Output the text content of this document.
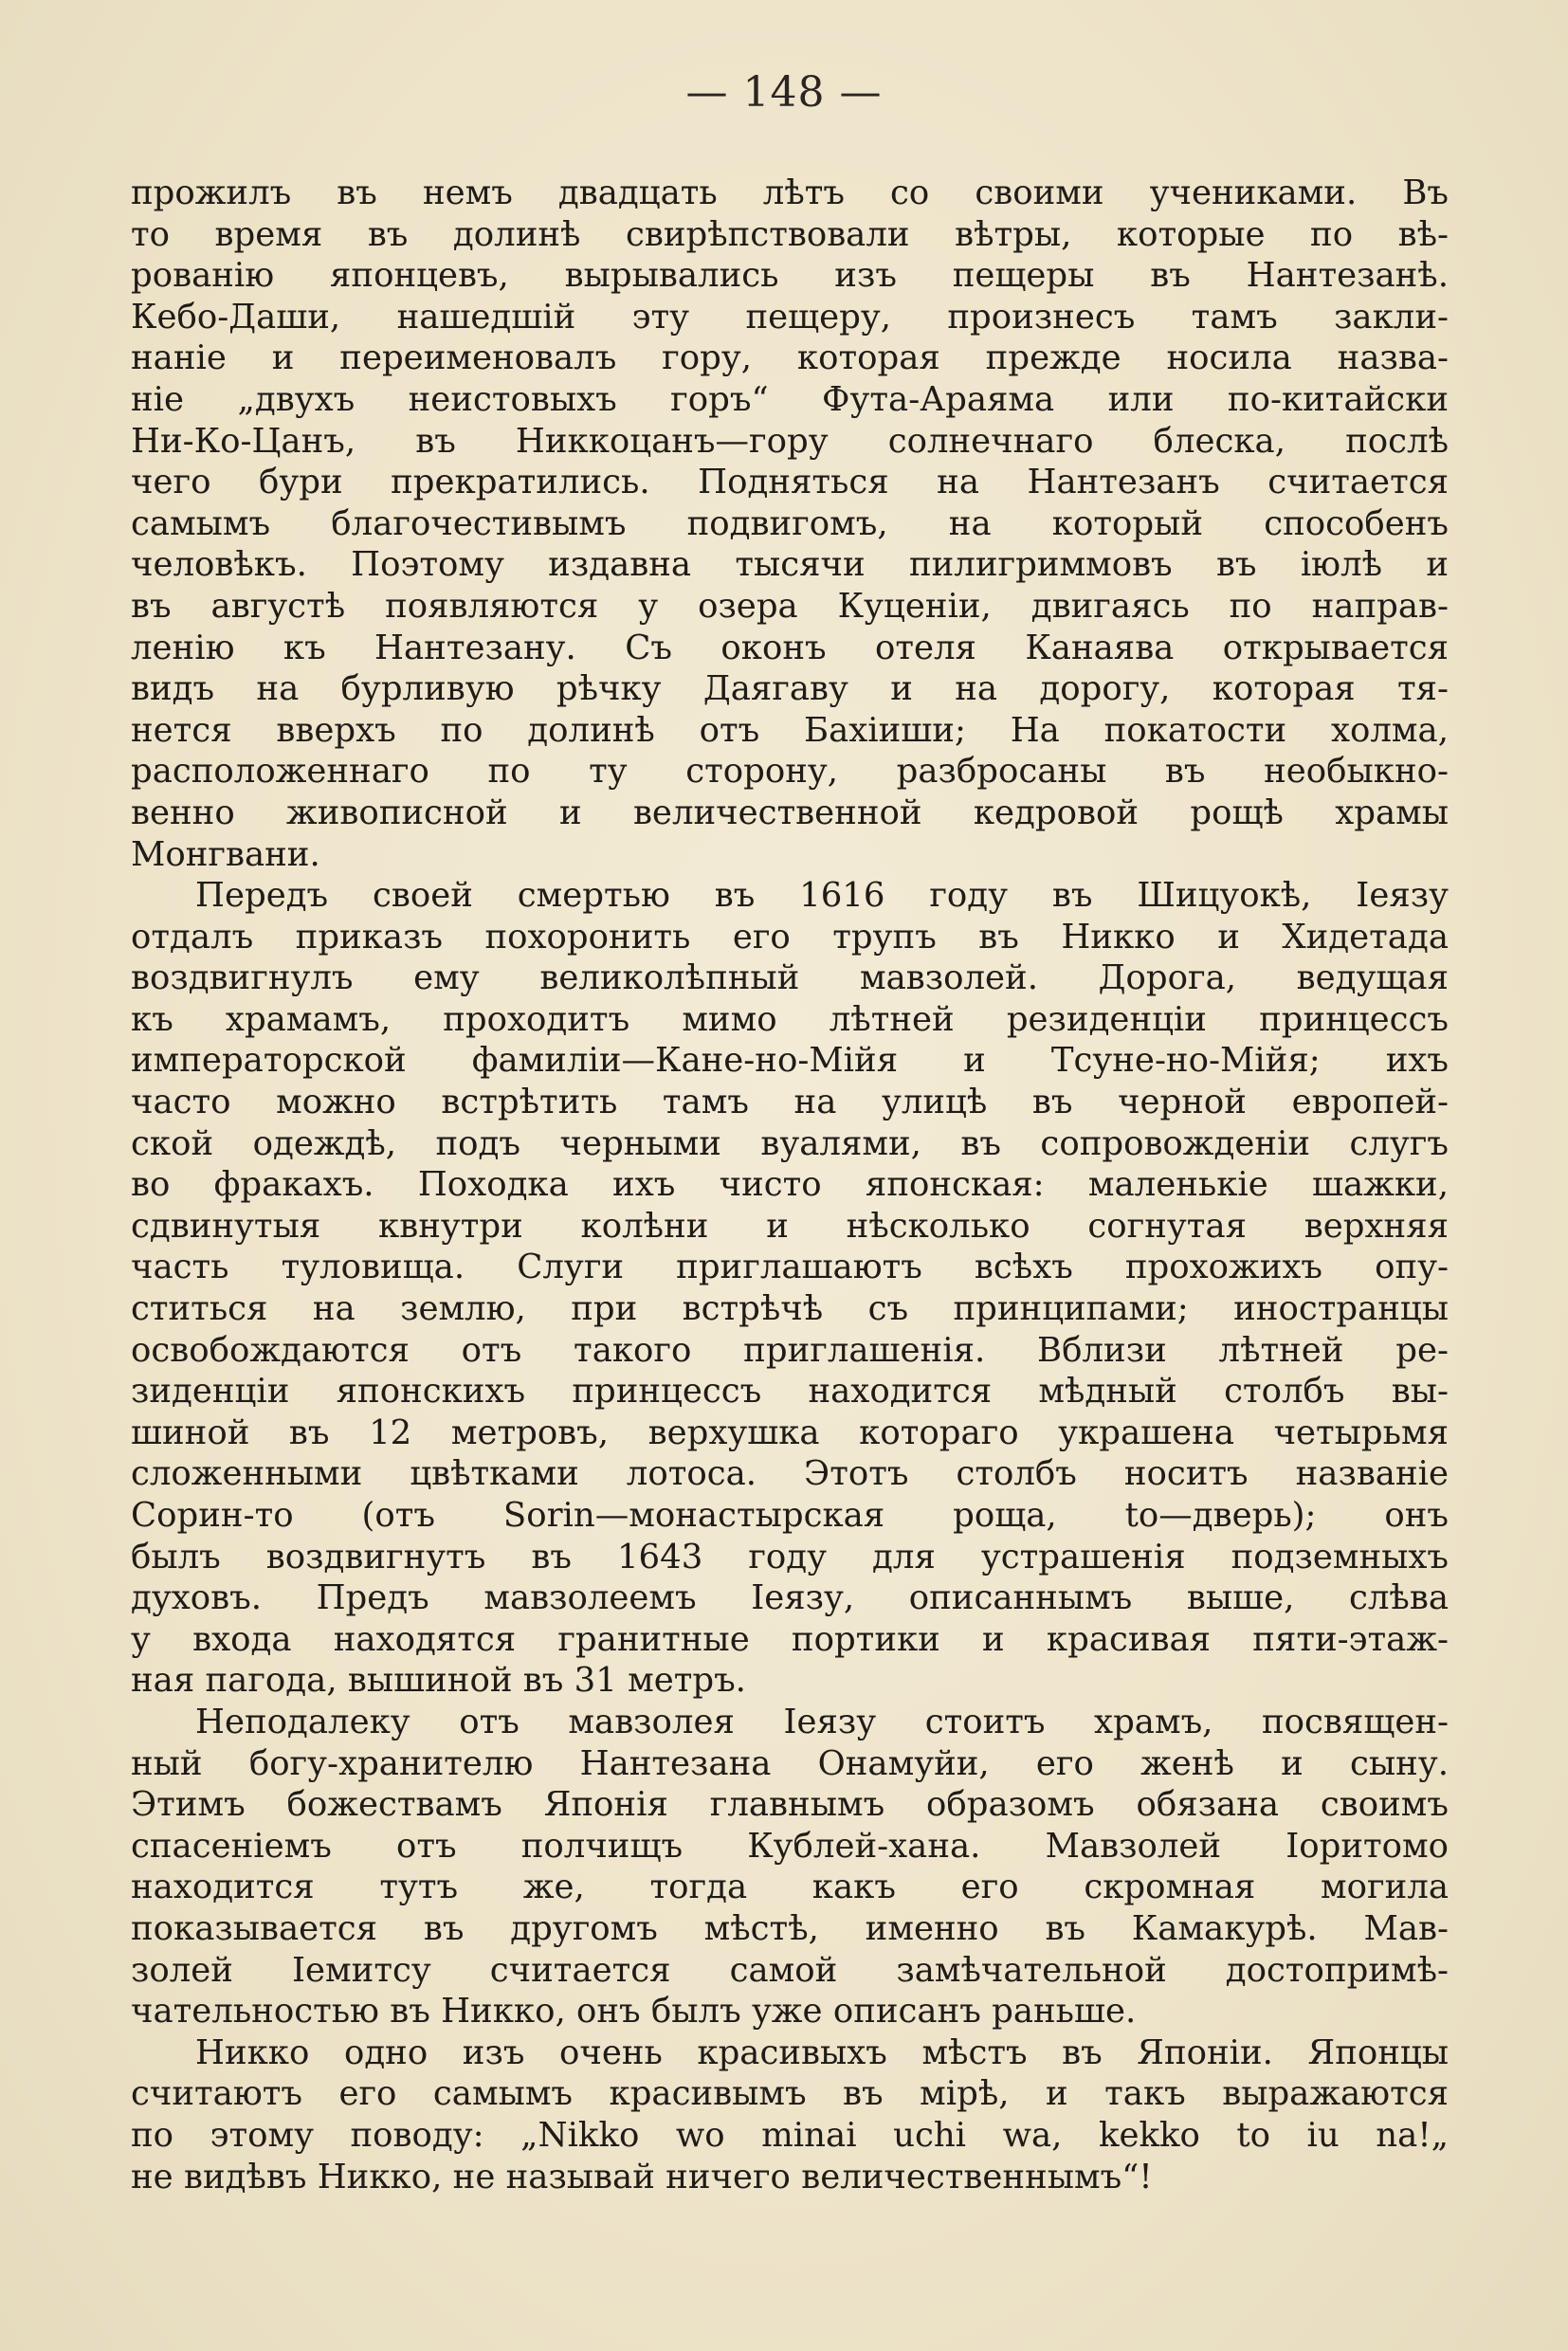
— 148 —
прожилъ въ немъ двадцать лѣтъ со своими учениками. Въ
то время въ долинѣ свирѣпствовали вѣтры, которые по вѣ-
рованію японцевъ, вырывались изъ пещеры въ Нантезанѣ.
Кебо-Даши, нашедшій эту пещеру, произнесъ тамъ закли-
наніе и переименовалъ гору, которая прежде носила назва-
ніе „двухъ неистовыхъ горъ“ Фута-Араяма или по-китайски
Ни-Ко-Цанъ, въ Никкоцанъ—гору солнечнаго блеска, послѣ
чего бури прекратились. Подняться на Нантезанъ считается
самымъ благочестивымъ подвигомъ, на который способенъ
человѣкъ. Поэтому издавна тысячи пилигриммовъ въ іюлѣ и
въ августѣ появляются у озера Куценіи, двигаясь по направ-
ленію къ Нантезану. Съ оконъ отеля Канаява открывается
видъ на бурливую рѣчку Даягаву и на дорогу, которая тя-
нется вверхъ по долинѣ отъ Бахіиши; На покатости холма,
расположеннаго по ту сторону, разбросаны въ необыкно-
венно живописной и величественной кедровой рощѣ храмы
Монгвани.
Передъ своей смертью въ 1616 году въ Шицуокѣ, Іеязу
отдалъ приказъ похоронить его трупъ въ Никко и Хидетада
воздвигнулъ ему великолѣпный мавзолей. Дорога, ведущая
къ храмамъ, проходитъ мимо лѣтней резиденціи принцессъ
императорской фамиліи—Кане-но-Мійя и Тсуне-но-Мійя; ихъ
часто можно встрѣтить тамъ на улицѣ въ черной европей-
ской одеждѣ, подъ черными вуалями, въ сопровожденіи слугъ
во фракахъ. Походка ихъ чисто японская: маленькіе шажки,
сдвинутыя квнутри колѣни и нѣсколько согнутая верхняя
часть туловища. Слуги приглашаютъ всѣхъ прохожихъ опу-
ститься на землю, при встрѣчѣ съ принципами; иностранцы
освобождаются отъ такого приглашенія. Вблизи лѣтней ре-
зиденціи японскихъ принцессъ находится мѣдный столбъ вы-
шиной въ 12 метровъ, верхушка котораго украшена четырьмя
сложенными цвѣтками лотоса. Этотъ столбъ носитъ названіе
Сорин-то (отъ Sorin—монастырская роща, to—дверь); онъ
былъ воздвигнутъ въ 1643 году для устрашенія подземныхъ
духовъ. Предъ мавзолеемъ Іеязу, описаннымъ выше, слѣва
у входа находятся гранитные портики и красивая пяти-этаж-
ная пагода, вышиной въ 31 метръ.
Неподалеку отъ мавзолея Іеязу стоитъ храмъ, посвящен-
ный богу-хранителю Нантезана Онамуйи, его женѣ и сыну.
Этимъ божествамъ Японія главнымъ образомъ обязана своимъ
спасеніемъ отъ полчищъ Кублей-хана. Мавзолей Іоритомо
находится тутъ же, тогда какъ его скромная могила
показывается въ другомъ мѣстѣ, именно въ Камакурѣ. Мав-
золей Іемитсу считается самой замѣчательной достопримѣ-
чательностью въ Никко, онъ былъ уже описанъ раньше.
Никко одно изъ очень красивыхъ мѣстъ въ Японіи. Японцы
считаютъ его самымъ красивымъ въ мірѣ, и такъ выражаются
по этому поводу: „Nikko wo minai uchi wa, kekko to iu na!„
не видѣвъ Никко, не называй ничего величественнымъ“!
